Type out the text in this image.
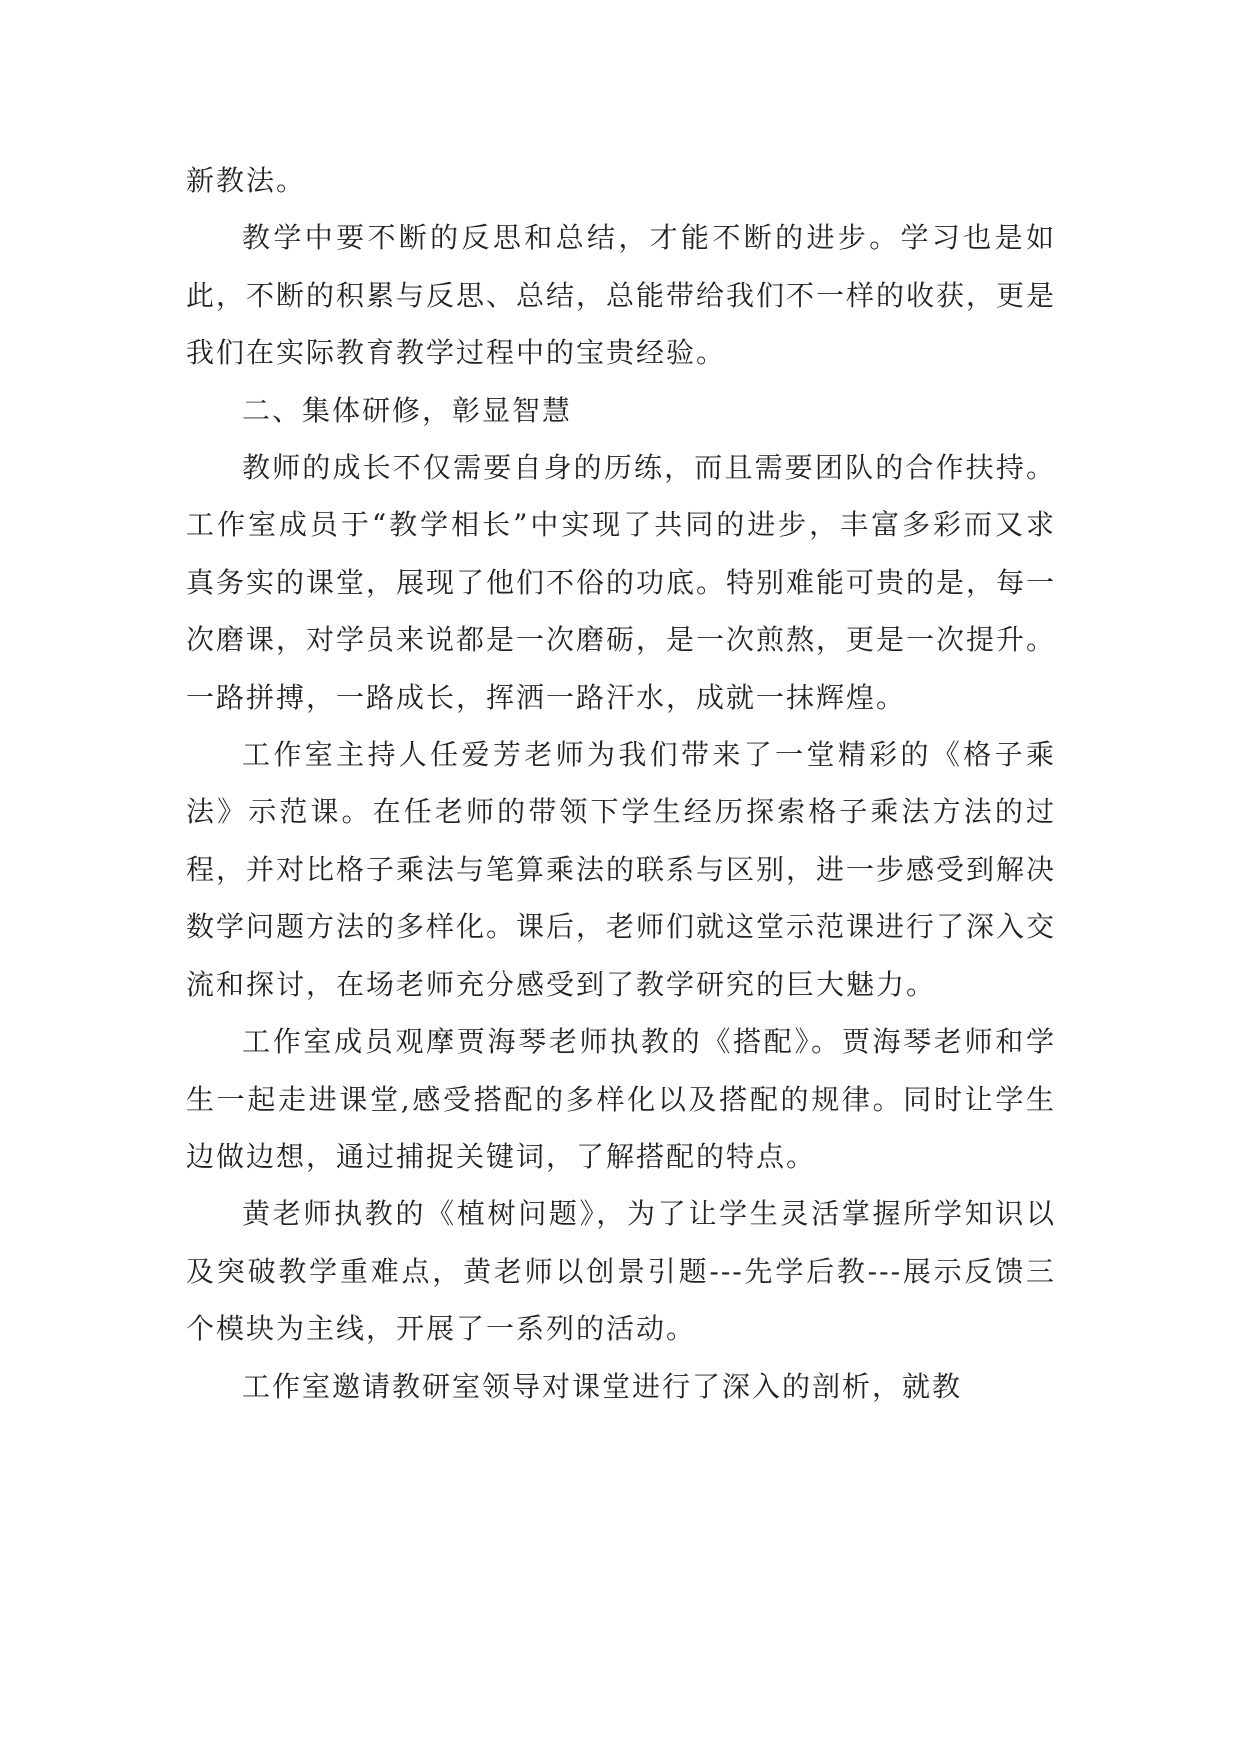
新教法。

教学中要不断的反思和总结，才能不断的进步。学习也是如此，不断的积累与反思、总结，总能带给我们不一样的收获，更是我们在实际教育教学过程中的宝贵经验。

二、集体研修，彰显智慧

教师的成长不仅需要自身的历练，而且需要团队的合作扶持。工作室成员于“教学相长”中实现了共同的进步，丰富多彩而又求真务实的课堂，展现了他们不俗的功底。特别难能可贵的是，每一次磨课，对学员来说都是一次磨砺，是一次煎熬，更是一次提升。一路拼搏，一路成长，挥洒一路汗水，成就一抹辉煌。

工作室主持人任爱芳老师为我们带来了一堂精彩的《格子乘法》示范课。在任老师的带领下学生经历探索格子乘法方法的过程，并对比格子乘法与笔算乘法的联系与区别，进一步感受到解决数学问题方法的多样化。课后，老师们就这堂示范课进行了深入交流和探讨，在场老师充分感受到了教学研究的巨大魅力。

工作室成员观摩贾海琴老师执教的《搭配》。贾海琴老师和学生一起走进课堂,感受搭配的多样化以及搭配的规律。同时让学生边做边想，通过捕捉关键词，了解搭配的特点。

黄老师执教的《植树问题》，为了让学生灵活掌握所学知识以及突破教学重难点，黄老师以创景引题---先学后教---展示反馈三个模块为主线，开展了一系列的活动。

工作室邀请教研室领导对课堂进行了深入的剖析，就教
